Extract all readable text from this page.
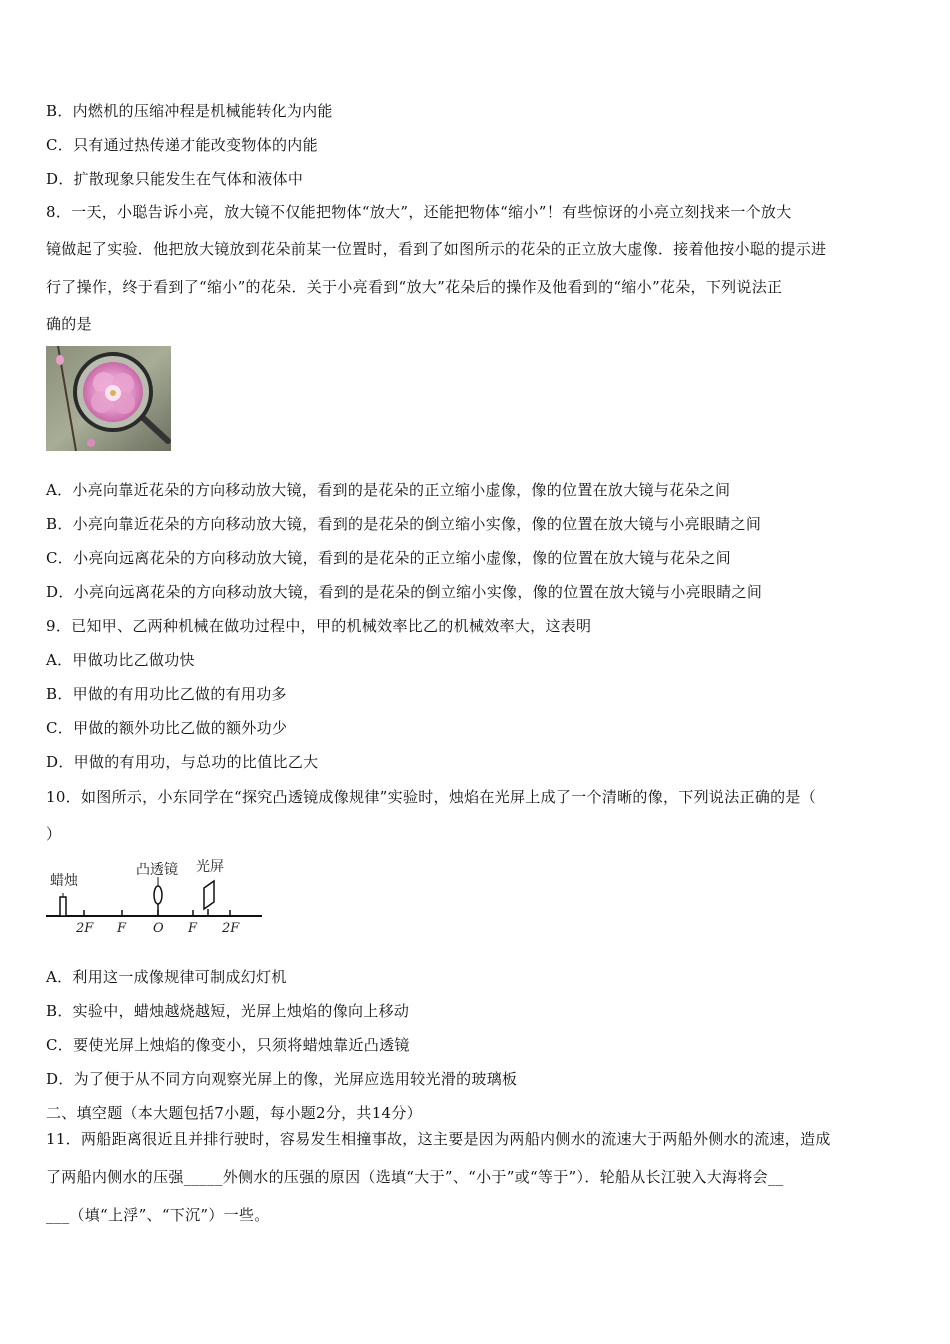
B．内燃机的压缩冲程是机械能转化为内能
C．只有通过热传递才能改变物体的内能
D．扩散现象只能发生在气体和液体中
8．一天，小聪告诉小亮，放大镜不仅能把物体“放大”，还能把物体“缩小”！有些惊讶的小亮立刻找来一个放大
镜做起了实验．他把放大镜放到花朵前某一位置时，看到了如图所示的花朵的正立放大虚像．接着他按小聪的提示进
行了操作，终于看到了“缩小”的花朵．关于小亮看到“放大”花朵后的操作及他看到的“缩小”花朵，下列说法正
确的是
A．小亮向靠近花朵的方向移动放大镜，看到的是花朵的正立缩小虚像，像的位置在放大镜与花朵之间
B．小亮向靠近花朵的方向移动放大镜，看到的是花朵的倒立缩小实像，像的位置在放大镜与小亮眼睛之间
C．小亮向远离花朵的方向移动放大镜，看到的是花朵的正立缩小虚像，像的位置在放大镜与花朵之间
D．小亮向远离花朵的方向移动放大镜，看到的是花朵的倒立缩小实像，像的位置在放大镜与小亮眼睛之间
9．已知甲、乙两种机械在做功过程中，甲的机械效率比乙的机械效率大，这表明
A．甲做功比乙做功快
B．甲做的有用功比乙做的有用功多
C．甲做的额外功比乙做的额外功少
D．甲做的有用功，与总功的比值比乙大
10．如图所示，小东同学在“探究凸透镜成像规律”实验时，烛焰在光屏上成了一个清晰的像，下列说法正确的是（
）
蜡烛
凸透镜 光屏
2F F O F 2F
A．利用这一成像规律可制成幻灯机
B．实验中，蜡烛越烧越短，光屏上烛焰的像向上移动
C．要使光屏上烛焰的像变小，只须将蜡烛靠近凸透镜
D．为了便于从不同方向观察光屏上的像，光屏应选用较光滑的玻璃板
二、填空题（本大题包括7小题，每小题2分，共14分）
11．两船距离很近且并排行驶时，容易发生相撞事故，这主要是因为两船内侧水的流速大于两船外侧水的流速，造成
了两船内侧水的压强_____外侧水的压强的原因（选填“大于”、“小于”或“等于”）．轮船从长江驶入大海将会__
___（填“上浮”、“下沉”）一些。
